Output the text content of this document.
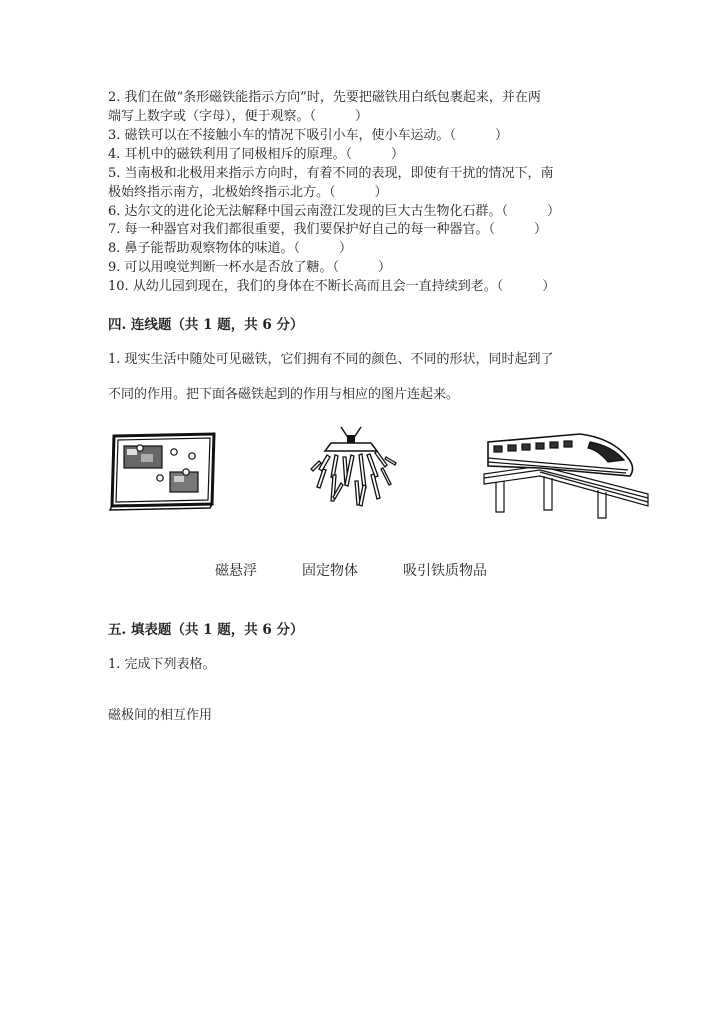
2. 我们在做“条形磁铁能指示方向”时，先要把磁铁用白纸包裹起来，并在两
端写上数字或（字母），便于观察。（　　　）
3. 磁铁可以在不接触小车的情况下吸引小车，使小车运动。（　　　）
4. 耳机中的磁铁利用了同极相斥的原理。（　　　）
5. 当南极和北极用来指示方向时，有着不同的表现，即使有干扰的情况下，南
极始终指示南方，北极始终指示北方。（　　　）
6. 达尔文的进化论无法解释中国云南澄江发现的巨大古生物化石群。（　　　）
7. 每一种器官对我们都很重要，我们要保护好自己的每一种器官。（　　　）
8. 鼻子能帮助观察物体的味道。（　　　）
9. 可以用嗅觉判断一杯水是否放了糖。（　　　）
10. 从幼儿园到现在，我们的身体在不断长高而且会一直持续到老。（　　　）
四. 连线题（共 1 题，共 6 分）
1. 现实生活中随处可见磁铁，它们拥有不同的颜色、不同的形状，同时起到了
不同的作用。把下面各磁铁起到的作用与相应的图片连起来。
磁悬浮	固定物体	吸引铁质物品
五. 填表题（共 1 题，共 6 分）
1. 完成下列表格。
磁极间的相互作用
